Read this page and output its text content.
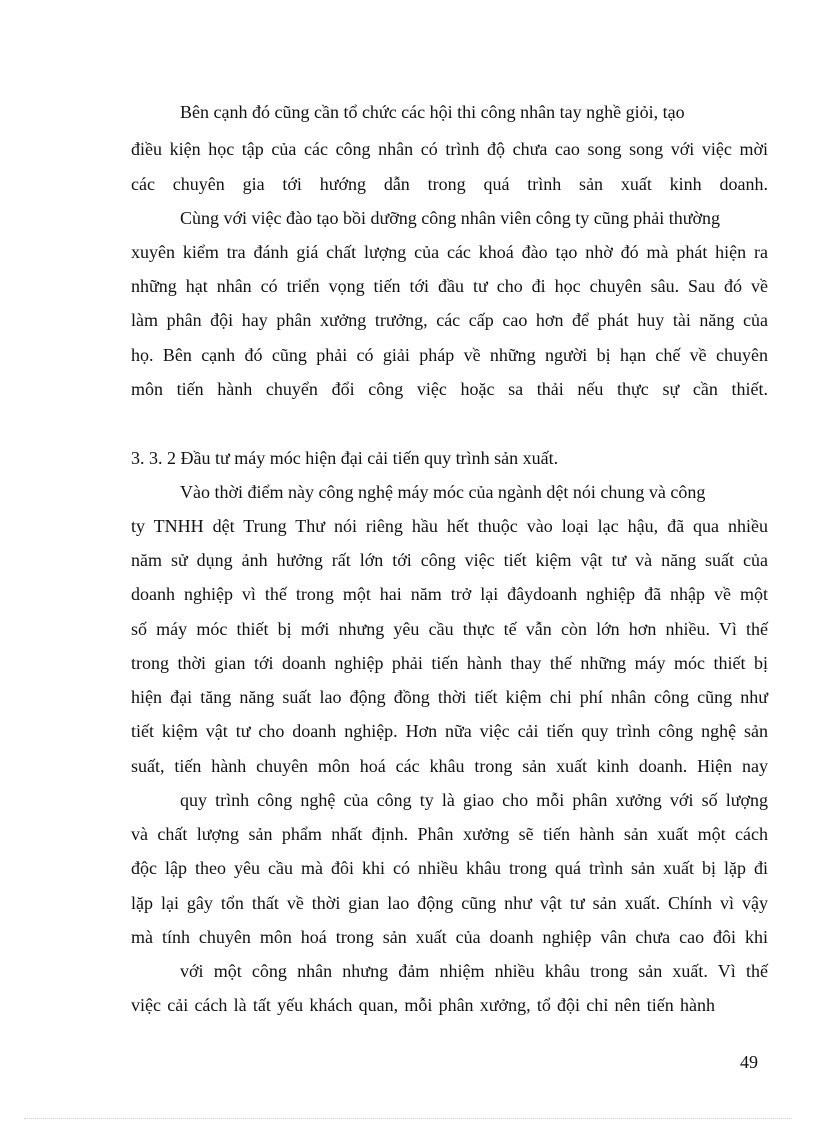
Bên cạnh đó cũng cần tổ chức các hội thi công nhân tay nghề giỏi, tạo
điều kiện học tập của các công nhân có trình độ chưa cao song song với việc mời
các chuyên gia tới hướng dẫn trong quá trình sản xuất kinh doanh.
Cùng với việc đào tạo bồi dưỡng công nhân viên công ty cũng phải thường
xuyên kiểm tra đánh giá chất lượng của các khoá đào tạo nhờ đó mà phát hiện ra
những hạt nhân có triển vọng tiến tới đầu tư cho đi học chuyên sâu. Sau đó về
làm phân đội hay phân xưởng trưởng, các cấp cao hơn để phát huy tài năng của
họ. Bên cạnh đó cũng phải có giải pháp về những người bị hạn chế về chuyên
môn tiến hành chuyển đổi công việc hoặc sa thải nếu thực sự cần thiết.
3. 3. 2 Đầu tư máy móc hiện đại cải tiến quy trình sản xuất.
Vào thời điểm này công nghệ máy móc của ngành dệt nói chung và công
ty TNHH dệt Trung Thư nói riêng hầu hết thuộc vào loại lạc hậu, đã qua nhiều
năm sử dụng ảnh hưởng rất lớn tới công việc tiết kiệm vật tư và năng suất của
doanh nghiệp vì thế trong một hai năm trở lại đâydoanh nghiệp đã nhập về một
số máy móc thiết bị mới nhưng yêu cầu thực tế vẫn còn lớn hơn nhiều. Vì thế
trong thời gian tới doanh nghiệp phải tiến hành thay thế những máy móc thiết bị
hiện đại tăng năng suất lao động đồng thời tiết kiệm chi phí nhân công cũng như
tiết kiệm vật tư cho doanh nghiệp. Hơn nữa việc cải tiến quy trình công nghệ sản
suất, tiến hành chuyên môn hoá các khâu trong sản xuất kinh doanh. Hiện nay
quy trình công nghệ của công ty là giao cho mỗi phân xưởng với số lượng
và chất lượng sản phẩm nhất định. Phân xưởng sẽ tiến hành sản xuất một cách
độc lập theo yêu cầu mà đôi khi có nhiều khâu trong quá trình sản xuất bị lặp đi
lặp lại gây tổn thất về thời gian lao động cũng như vật tư sản xuất. Chính vì vậy
mà tính chuyên môn hoá trong sản xuất của doanh nghiệp vân chưa cao đôi khi
với một công nhân nhưng đảm nhiệm nhiều khâu trong sản xuất. Vì thế
việc cải cách là tất yếu khách quan, mỗi phân xưởng, tổ đội chỉ nên tiến hành
49
